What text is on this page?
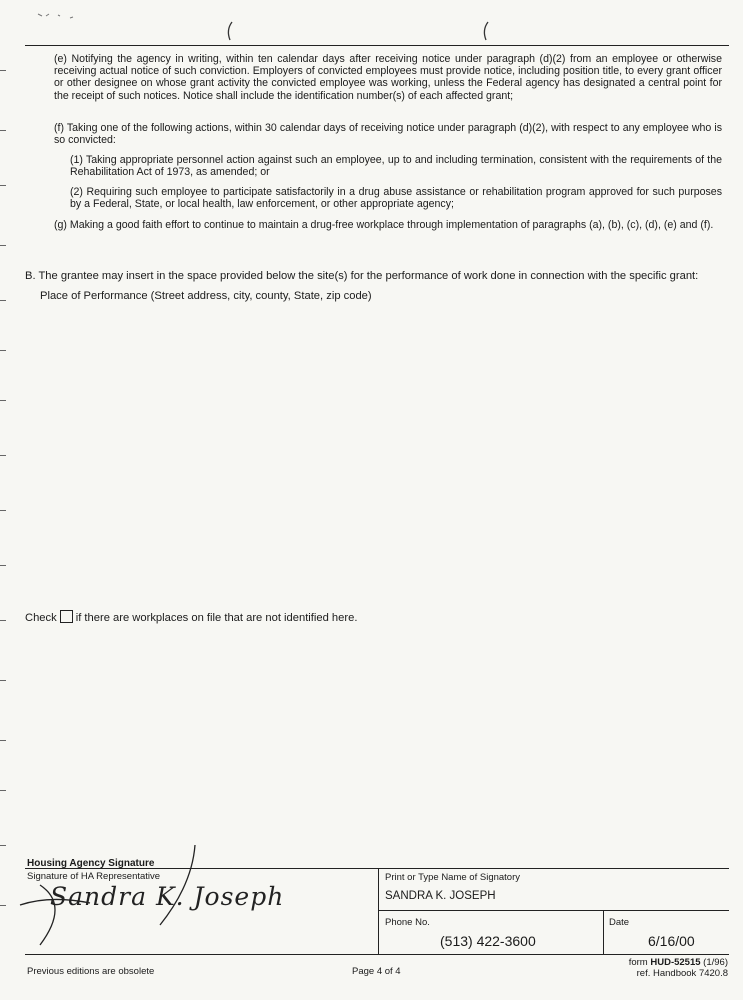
(e) Notifying the agency in writing, within ten calendar days after receiving notice under paragraph (d)(2) from an employee or otherwise receiving actual notice of such conviction. Employers of convicted employees must provide notice, including position title, to every grant officer or other designee on whose grant activity the convicted employee was working, unless the Federal agency has designated a central point for the receipt of such notices. Notice shall include the identification number(s) of each affected grant;
(f) Taking one of the following actions, within 30 calendar days of receiving notice under paragraph (d)(2), with respect to any employee who is so convicted:
(1) Taking appropriate personnel action against such an employee, up to and including termination, consistent with the requirements of the Rehabilitation Act of 1973, as amended; or
(2) Requiring such employee to participate satisfactorily in a drug abuse assistance or rehabilitation program approved for such purposes by a Federal, State, or local health, law enforcement, or other appropriate agency;
(g) Making a good faith effort to continue to maintain a drug-free workplace through implementation of paragraphs (a), (b), (c), (d), (e) and (f).
B. The grantee may insert in the space provided below the site(s) for the performance of work done in connection with the specific grant:
Place of Performance (Street address, city, county, State, zip code)
Check if there are workplaces on file that are not identified here.
Housing Agency Signature
Signature of HA Representative
Sandra K. Joseph
Print or Type Name of Signatory
SANDRA K. JOSEPH
Phone No.
(513) 422-3600
Date
6/16/00
Previous editions are obsolete	Page 4 of 4
form HUD-52515 (1/96)
ref. Handbook 7420.8
